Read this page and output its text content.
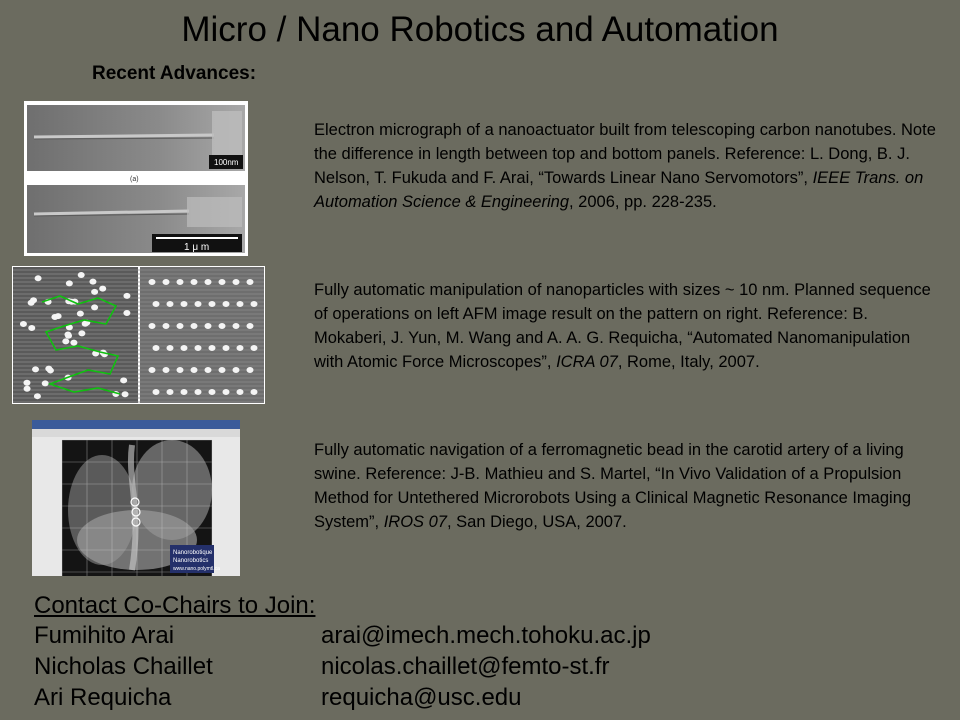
Micro / Nano Robotics and Automation
Recent Advances:
100nm
(a)
1 μ m
Electron micrograph of a nanoactuator built from telescoping carbon nanotubes. Note the difference in length between top and bottom panels. Reference: L. Dong, B. J. Nelson, T. Fukuda and F. Arai, “Towards Linear Nano Servomotors”, IEEE Trans. on Automation Science & Engineering, 2006, pp. 228-235.
Fully automatic manipulation of nanoparticles with sizes ~ 10 nm. Planned sequence of operations on left AFM image result on the pattern on right. Reference: B. Mokaberi, J. Yun, M. Wang and A. A. G. Requicha, “Automated Nanomanipulation with Atomic Force Microscopes”, ICRA 07, Rome, Italy, 2007.
Nanorobotique
Nanorobotics
www.nano.polymtl.ca
Fully automatic navigation of a ferromagnetic bead in the carotid artery of a living swine. Reference: J-B. Mathieu and S. Martel, “In Vivo Validation of a Propulsion Method for Untethered Microrobots Using a Clinical Magnetic Resonance Imaging System”, IROS 07, San Diego, USA, 2007.
Contact Co-Chairs to Join:
Fumihito Arai	arai@imech.mech.tohoku.ac.jp
Nicholas Chaillet	nicolas.chaillet@femto-st.fr
Ari Requicha	requicha@usc.edu
